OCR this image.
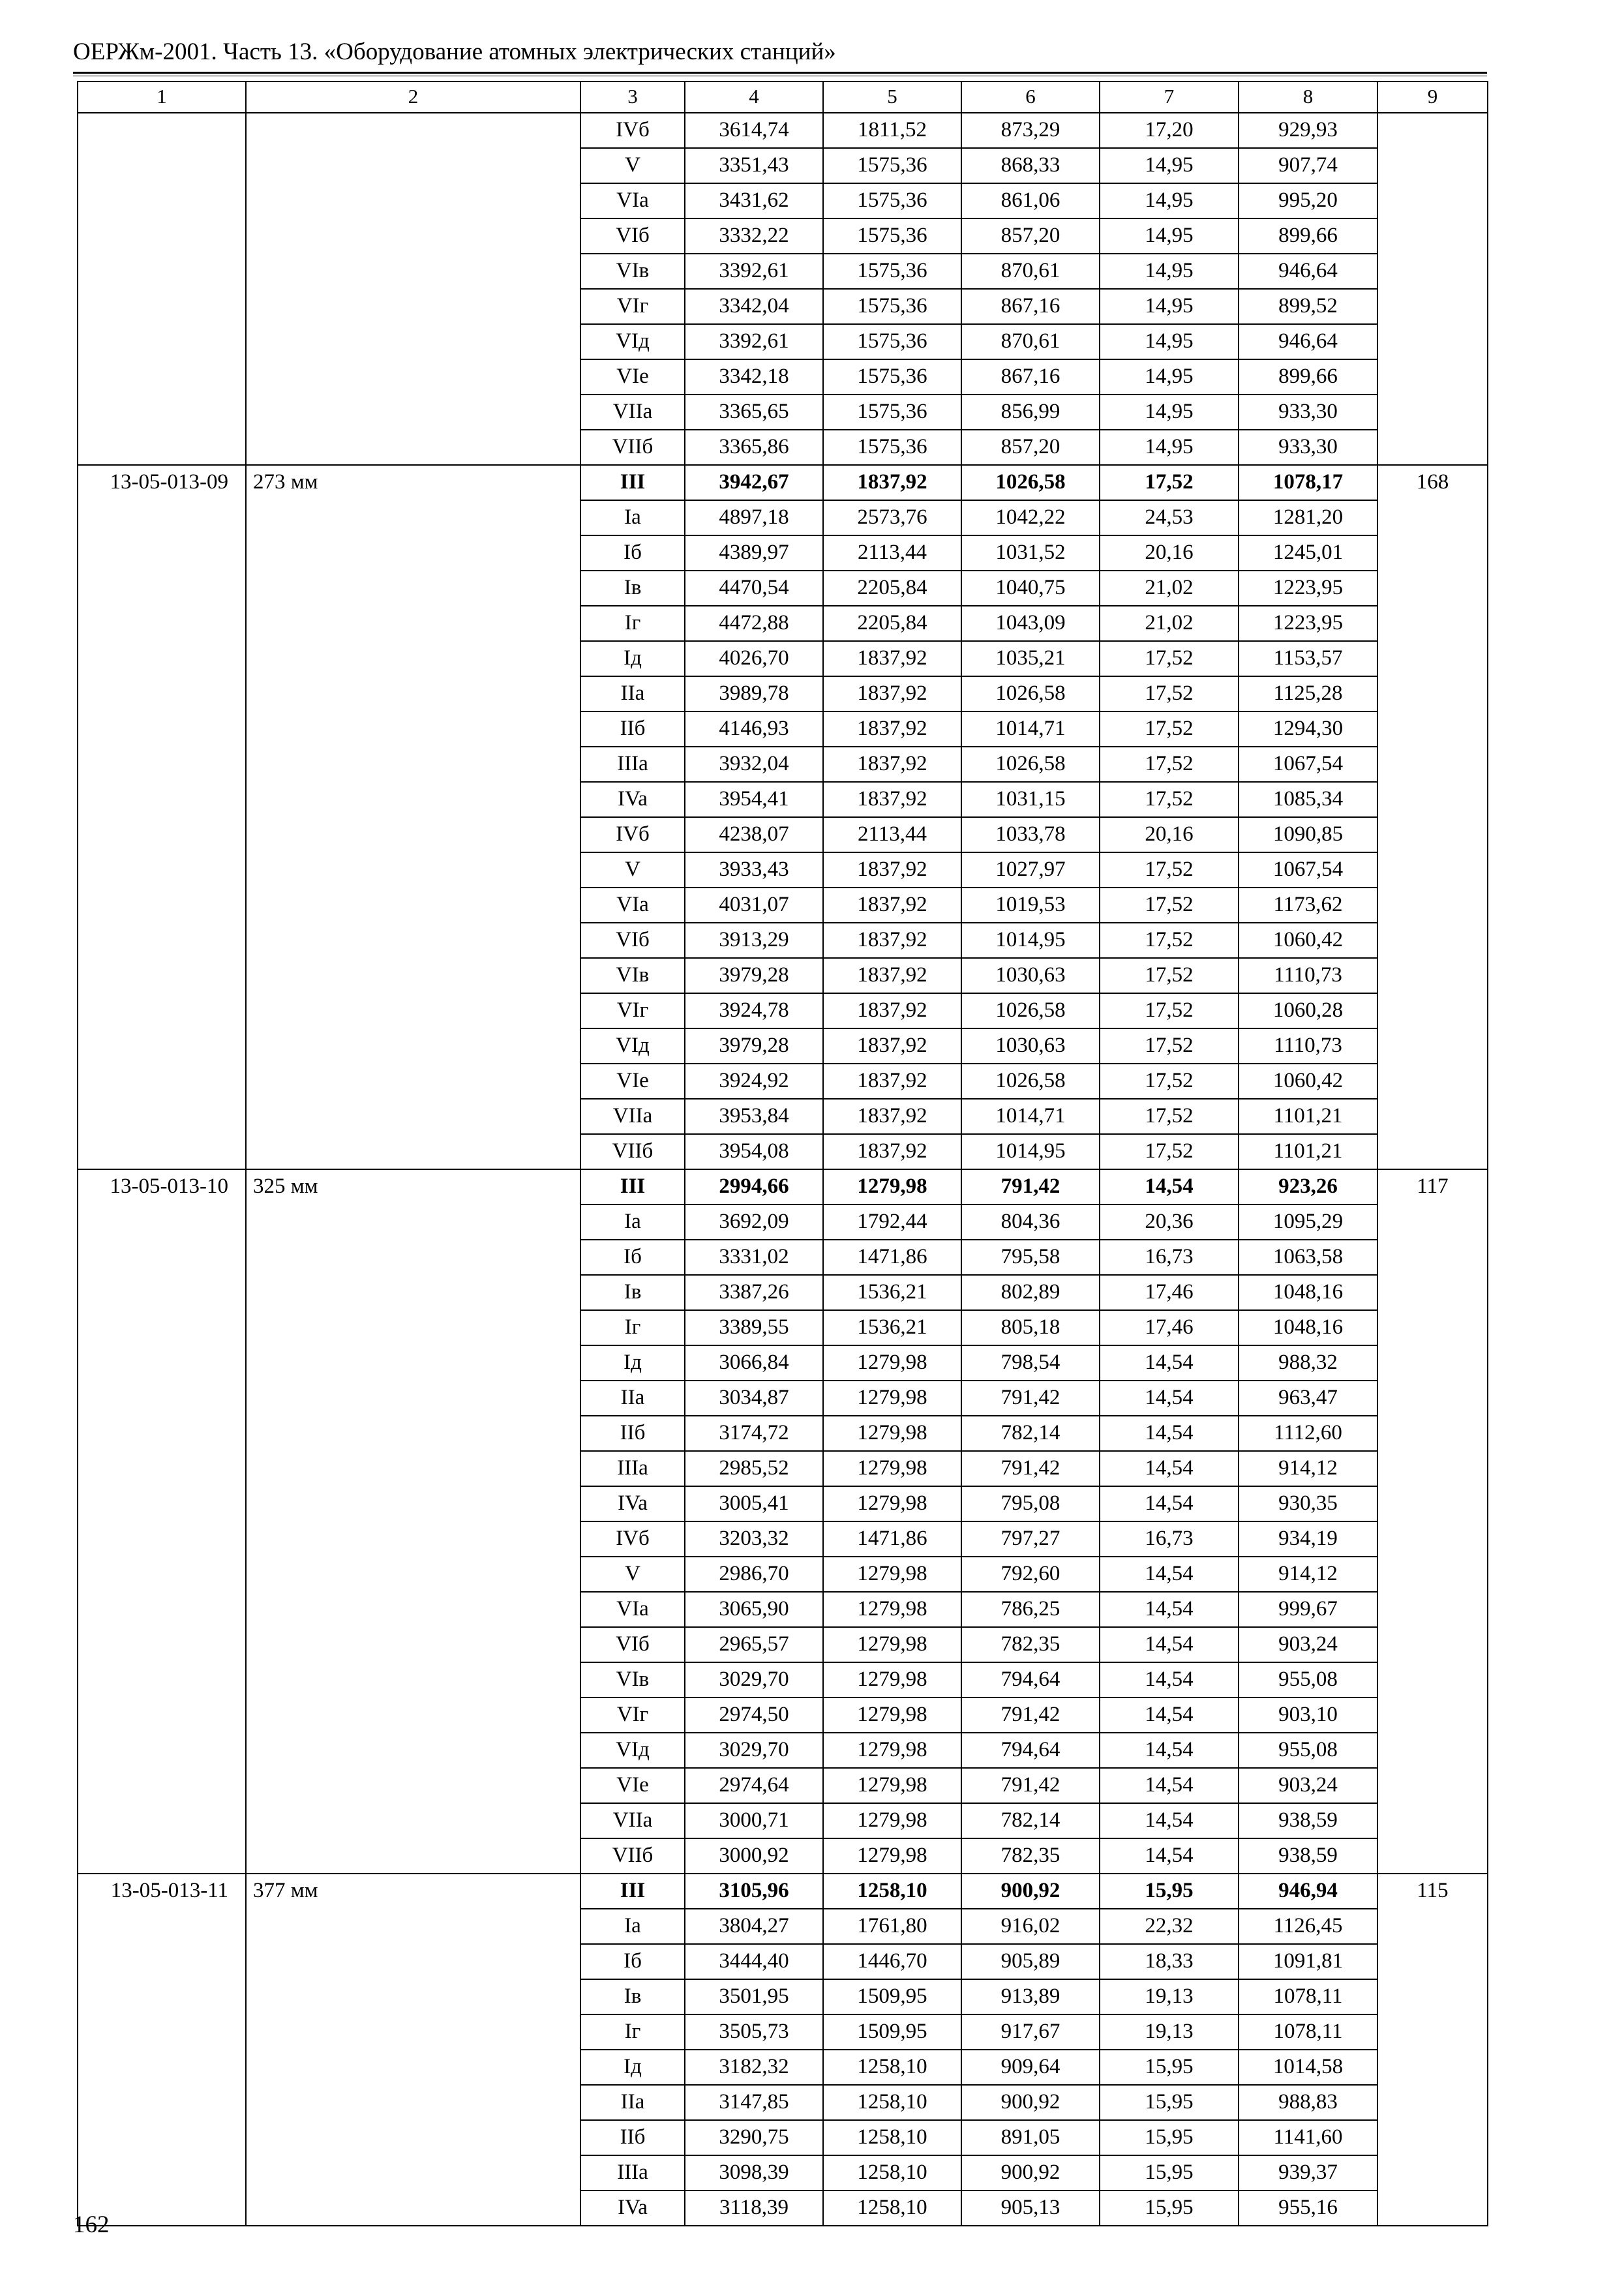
ОЕРЖм-2001. Часть 13. «Оборудование атомных электрических станций»
1	2	3	4	5	6	7	8	9
		IVб	3614,74	1811,52	873,29	17,20	929,93	
		V	3351,43	1575,36	868,33	14,95	907,74	
		VIa	3431,62	1575,36	861,06	14,95	995,20	
		VIб	3332,22	1575,36	857,20	14,95	899,66	
		VIв	3392,61	1575,36	870,61	14,95	946,64	
		VIг	3342,04	1575,36	867,16	14,95	899,52	
		VIд	3392,61	1575,36	870,61	14,95	946,64	
		VIe	3342,18	1575,36	867,16	14,95	899,66	
		VIIa	3365,65	1575,36	856,99	14,95	933,30	
		VIIб	3365,86	1575,36	857,20	14,95	933,30	
13-05-013-09	273 мм	III	3942,67	1837,92	1026,58	17,52	1078,17	168
		Ia	4897,18	2573,76	1042,22	24,53	1281,20	
		Iб	4389,97	2113,44	1031,52	20,16	1245,01	
		Iв	4470,54	2205,84	1040,75	21,02	1223,95	
		Iг	4472,88	2205,84	1043,09	21,02	1223,95	
		Iд	4026,70	1837,92	1035,21	17,52	1153,57	
		IIa	3989,78	1837,92	1026,58	17,52	1125,28	
		IIб	4146,93	1837,92	1014,71	17,52	1294,30	
		IIIa	3932,04	1837,92	1026,58	17,52	1067,54	
		IVa	3954,41	1837,92	1031,15	17,52	1085,34	
		IVб	4238,07	2113,44	1033,78	20,16	1090,85	
		V	3933,43	1837,92	1027,97	17,52	1067,54	
		VIa	4031,07	1837,92	1019,53	17,52	1173,62	
		VIб	3913,29	1837,92	1014,95	17,52	1060,42	
		VIв	3979,28	1837,92	1030,63	17,52	1110,73	
		VIг	3924,78	1837,92	1026,58	17,52	1060,28	
		VIд	3979,28	1837,92	1030,63	17,52	1110,73	
		VIe	3924,92	1837,92	1026,58	17,52	1060,42	
		VIIa	3953,84	1837,92	1014,71	17,52	1101,21	
		VIIб	3954,08	1837,92	1014,95	17,52	1101,21	
13-05-013-10	325 мм	III	2994,66	1279,98	791,42	14,54	923,26	117
		Ia	3692,09	1792,44	804,36	20,36	1095,29	
		Iб	3331,02	1471,86	795,58	16,73	1063,58	
		Iв	3387,26	1536,21	802,89	17,46	1048,16	
		Iг	3389,55	1536,21	805,18	17,46	1048,16	
		Iд	3066,84	1279,98	798,54	14,54	988,32	
		IIa	3034,87	1279,98	791,42	14,54	963,47	
		IIб	3174,72	1279,98	782,14	14,54	1112,60	
		IIIa	2985,52	1279,98	791,42	14,54	914,12	
		IVa	3005,41	1279,98	795,08	14,54	930,35	
		IVб	3203,32	1471,86	797,27	16,73	934,19	
		V	2986,70	1279,98	792,60	14,54	914,12	
		VIa	3065,90	1279,98	786,25	14,54	999,67	
		VIб	2965,57	1279,98	782,35	14,54	903,24	
		VIв	3029,70	1279,98	794,64	14,54	955,08	
		VIг	2974,50	1279,98	791,42	14,54	903,10	
		VIд	3029,70	1279,98	794,64	14,54	955,08	
		VIe	2974,64	1279,98	791,42	14,54	903,24	
		VIIa	3000,71	1279,98	782,14	14,54	938,59	
		VIIб	3000,92	1279,98	782,35	14,54	938,59	
13-05-013-11	377 мм	III	3105,96	1258,10	900,92	15,95	946,94	115
		Ia	3804,27	1761,80	916,02	22,32	1126,45	
		Iб	3444,40	1446,70	905,89	18,33	1091,81	
		Iв	3501,95	1509,95	913,89	19,13	1078,11	
		Iг	3505,73	1509,95	917,67	19,13	1078,11	
		Iд	3182,32	1258,10	909,64	15,95	1014,58	
		IIa	3147,85	1258,10	900,92	15,95	988,83	
		IIб	3290,75	1258,10	891,05	15,95	1141,60	
		IIIa	3098,39	1258,10	900,92	15,95	939,37	
		IVa	3118,39	1258,10	905,13	15,95	955,16	
162
